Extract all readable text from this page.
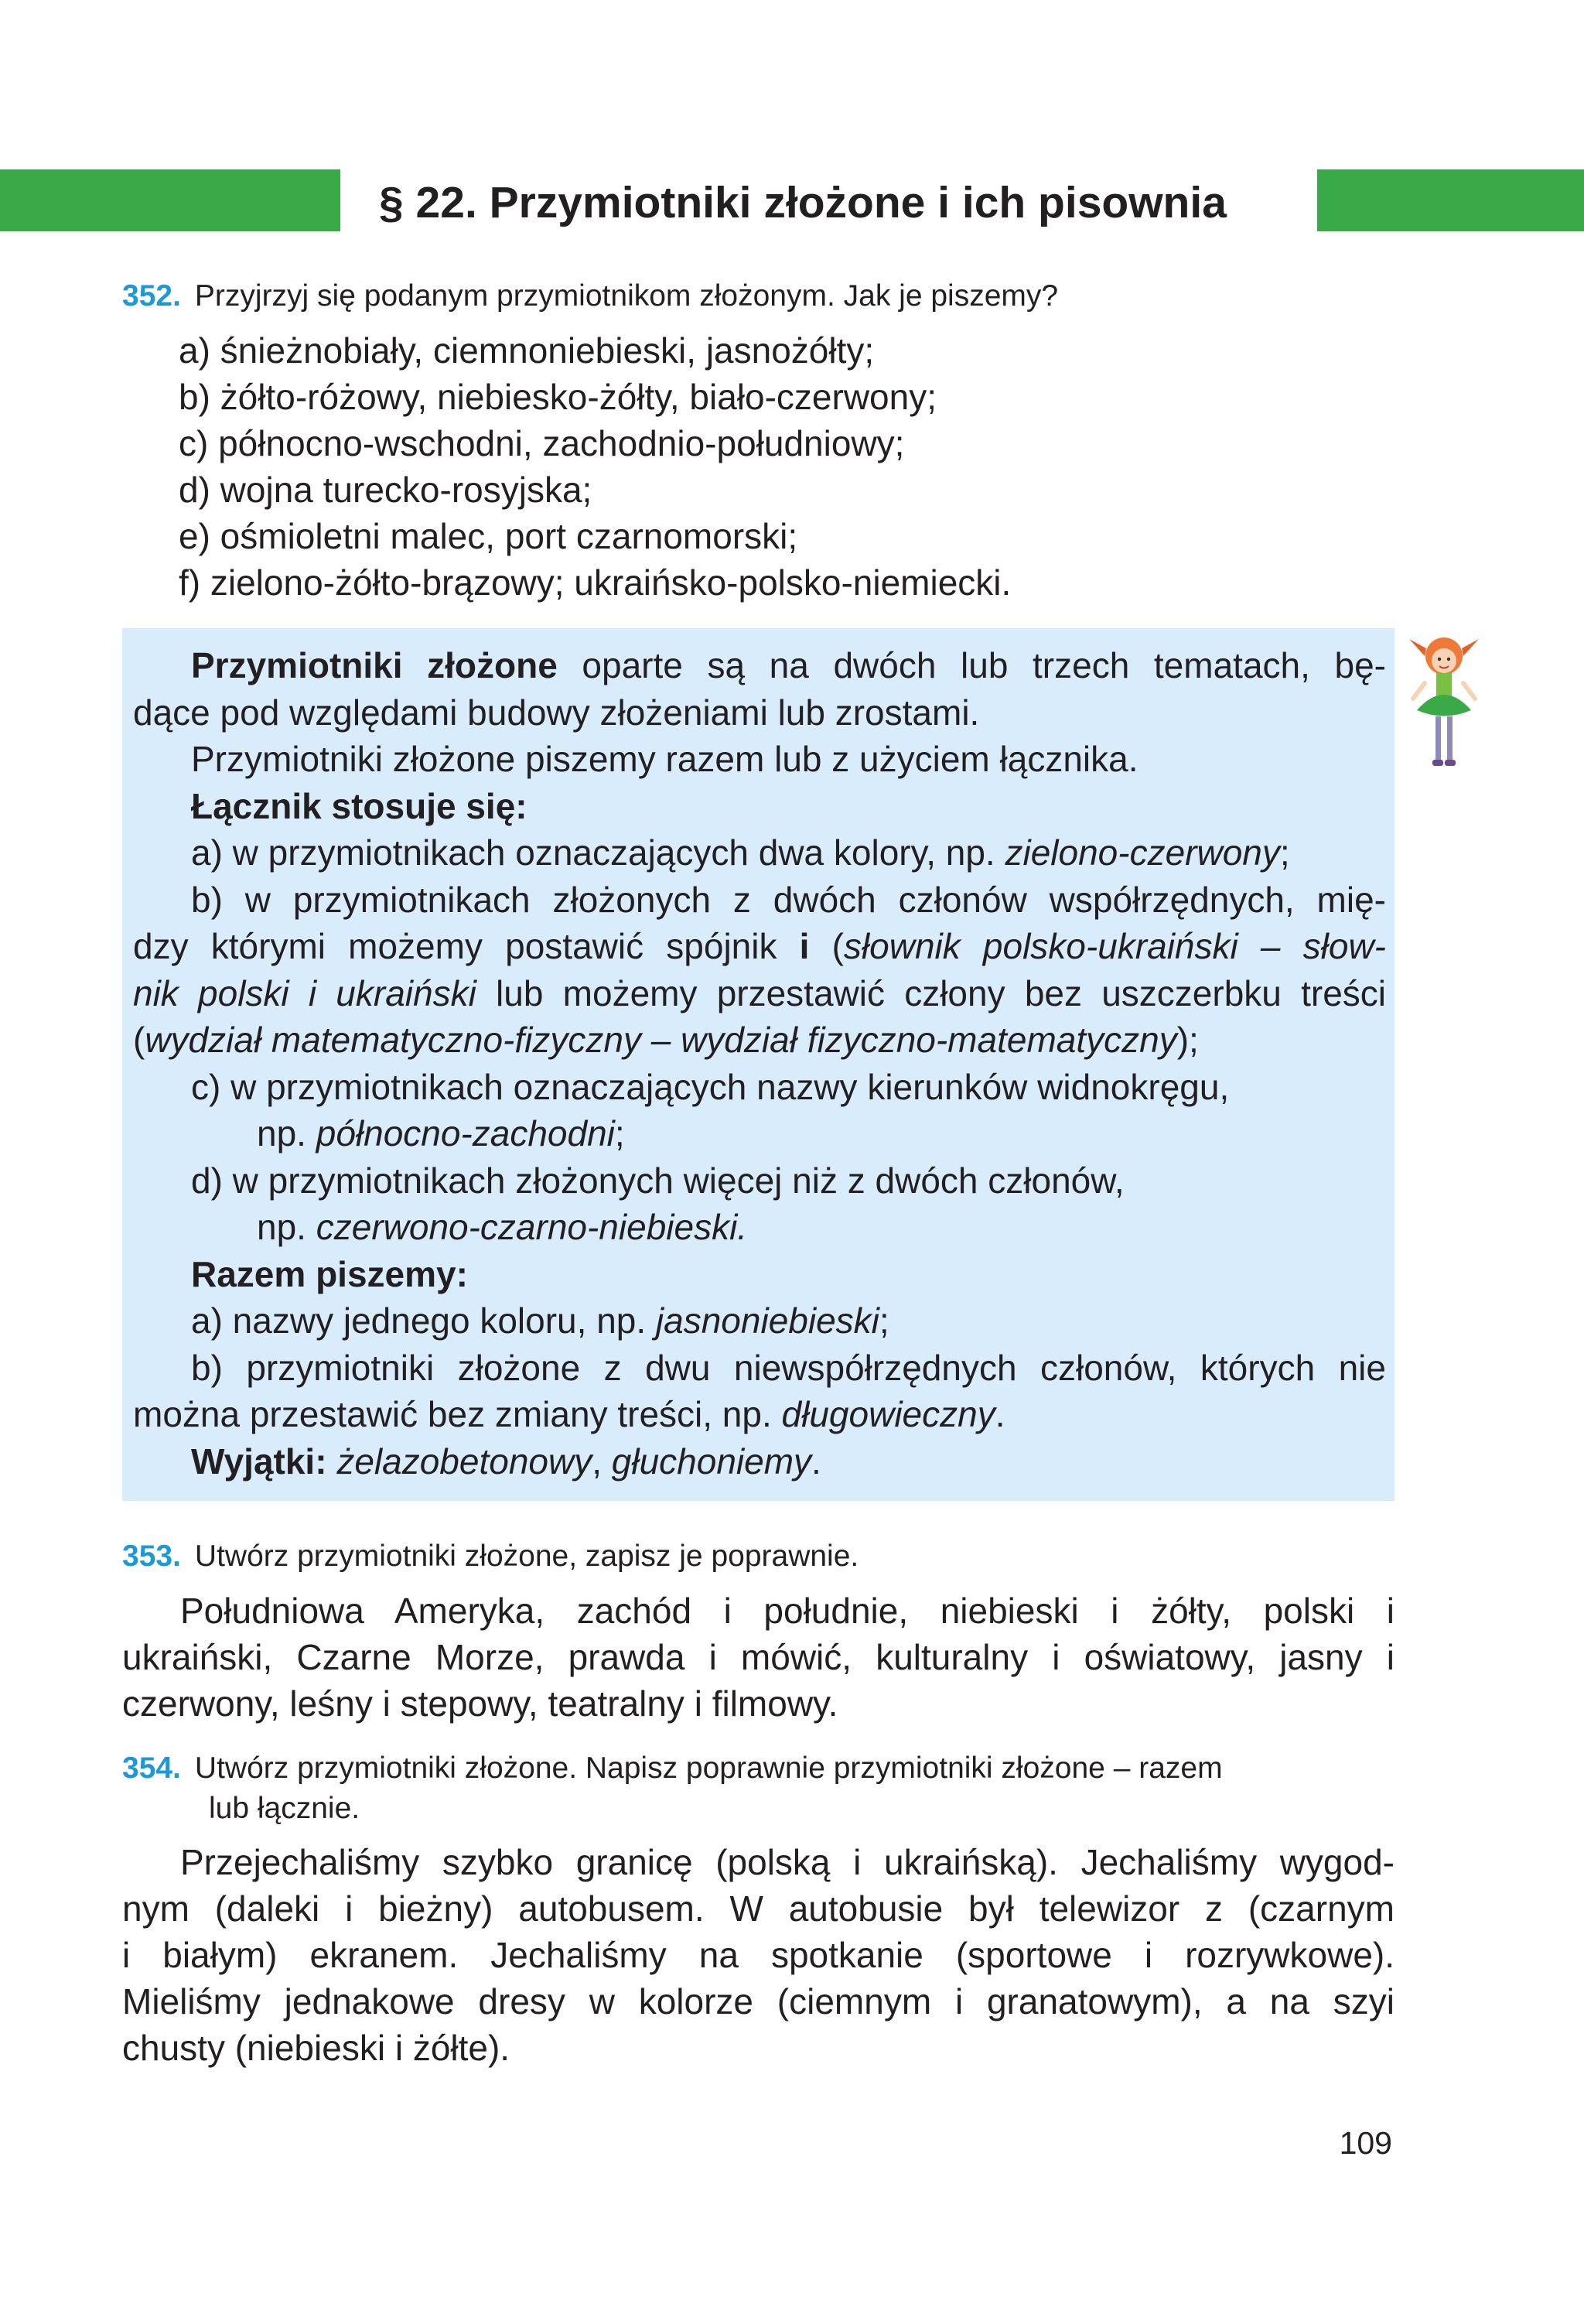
§ 22. Przymiotniki złożone i ich pisownia
352. Przyjrzyj się podanym przymiotnikom złożonym. Jak je piszemy?
a) śnieżnobiały, ciemnoniebieski, jasnożółty;
b) żółto-różowy, niebiesko-żółty, biało-czerwony;
c) północno-wschodni, zachodnio-południowy;
d) wojna turecko-rosyjska;
e) ośmioletni malec, port czarnomorski;
f) zielono-żółto-brązowy; ukraińsko-polsko-niemiecki.
Przymiotniki złożone oparte są na dwóch lub trzech tematach, bę-
dące pod względami budowy złożeniami lub zrostami.
Przymiotniki złożone piszemy razem lub z użyciem łącznika.
Łącznik stosuje się:
a) w przymiotnikach oznaczających dwa kolory, np. zielono-czerwony;
b) w przymiotnikach złożonych z dwóch członów współrzędnych, mię-
dzy którymi możemy postawić spójnik i (słownik polsko-ukraiński – słow-
nik polski i ukraiński lub możemy przestawić człony bez uszczerbku treści
(wydział matematyczno-fizyczny – wydział fizyczno-matematyczny);
c) w przymiotnikach oznaczających nazwy kierunków widnokręgu,
np. północno-zachodni;
d) w przymiotnikach złożonych więcej niż z dwóch członów,
np. czerwono-czarno-niebieski.
Razem piszemy:
a) nazwy jednego koloru, np. jasnoniebieski;
b) przymiotniki złożone z dwu niewspółrzędnych członów, których nie
można przestawić bez zmiany treści, np. długowieczny.
Wyjątki: żelazobetonowy, głuchoniemy.
353. Utwórz przymiotniki złożone, zapisz je poprawnie.
Południowa Ameryka, zachód i południe, niebieski i żółty, polski i
ukraiński, Czarne Morze, prawda i mówić, kulturalny i oświatowy, jasny i
czerwony, leśny i stepowy, teatralny i filmowy.
354. Utwórz przymiotniki złożone. Napisz poprawnie przymiotniki złożone – razem
lub łącznie.
Przejechaliśmy szybko granicę (polską i ukraińską). Jechaliśmy wygod-
nym (daleki i bieżny) autobusem. W autobusie był telewizor z (czarnym
i białym) ekranem. Jechaliśmy na spotkanie (sportowe i rozrywkowe).
Mieliśmy jednakowe dresy w kolorze (ciemnym i granatowym), a na szyi
chusty (niebieski i żółte).
109
